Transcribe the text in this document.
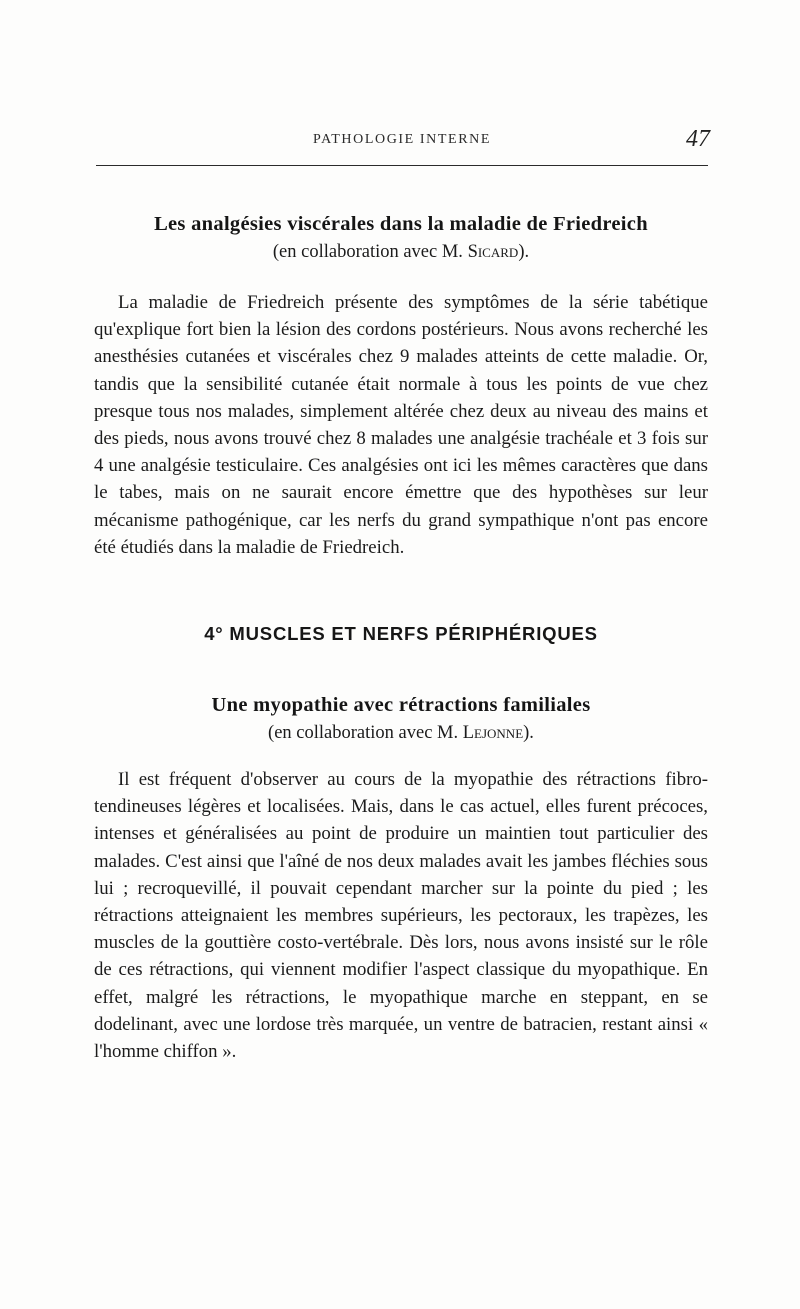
PATHOLOGIE INTERNE	47
Les analgésies viscérales dans la maladie de Friedreich

(en collaboration avec M. Sicard).

La maladie de Friedreich présente des symptômes de la série tabétique qu'explique fort bien la lésion des cordons postérieurs. Nous avons recherché les anesthésies cutanées et viscérales chez 9 malades atteints de cette maladie. Or, tandis que la sensibilité cutanée était normale à tous les points de vue chez presque tous nos malades, simplement altérée chez deux au niveau des mains et des pieds, nous avons trouvé chez 8 malades une analgésie trachéale et 3 fois sur 4 une analgésie testiculaire. Ces analgésies ont ici les mêmes caractères que dans le tabes, mais on ne saurait encore émettre que des hypothèses sur leur mécanisme pathogénique, car les nerfs du grand sympathique n'ont pas encore été étudiés dans la maladie de Friedreich.

4° MUSCLES ET NERFS PÉRIPHÉRIQUES
Une myopathie avec rétractions familiales

(en collaboration avec M. Lejonne).

Il est fréquent d'observer au cours de la myopathie des rétractions fibro-tendineuses légères et localisées. Mais, dans le cas actuel, elles furent précoces, intenses et généralisées au point de produire un maintien tout particulier des malades. C'est ainsi que l'aîné de nos deux malades avait les jambes fléchies sous lui ; recroquevillé, il pouvait cependant marcher sur la pointe du pied ; les rétractions atteignaient les membres supérieurs, les pectoraux, les trapèzes, les muscles de la gouttière costo-vertébrale. Dès lors, nous avons insisté sur le rôle de ces rétractions, qui viennent modifier l'aspect classique du myopathique. En effet, malgré les rétractions, le myopathique marche en steppant, en se dodelinant, avec une lordose très marquée, un ventre de batracien, restant ainsi « l'homme chiffon ».
